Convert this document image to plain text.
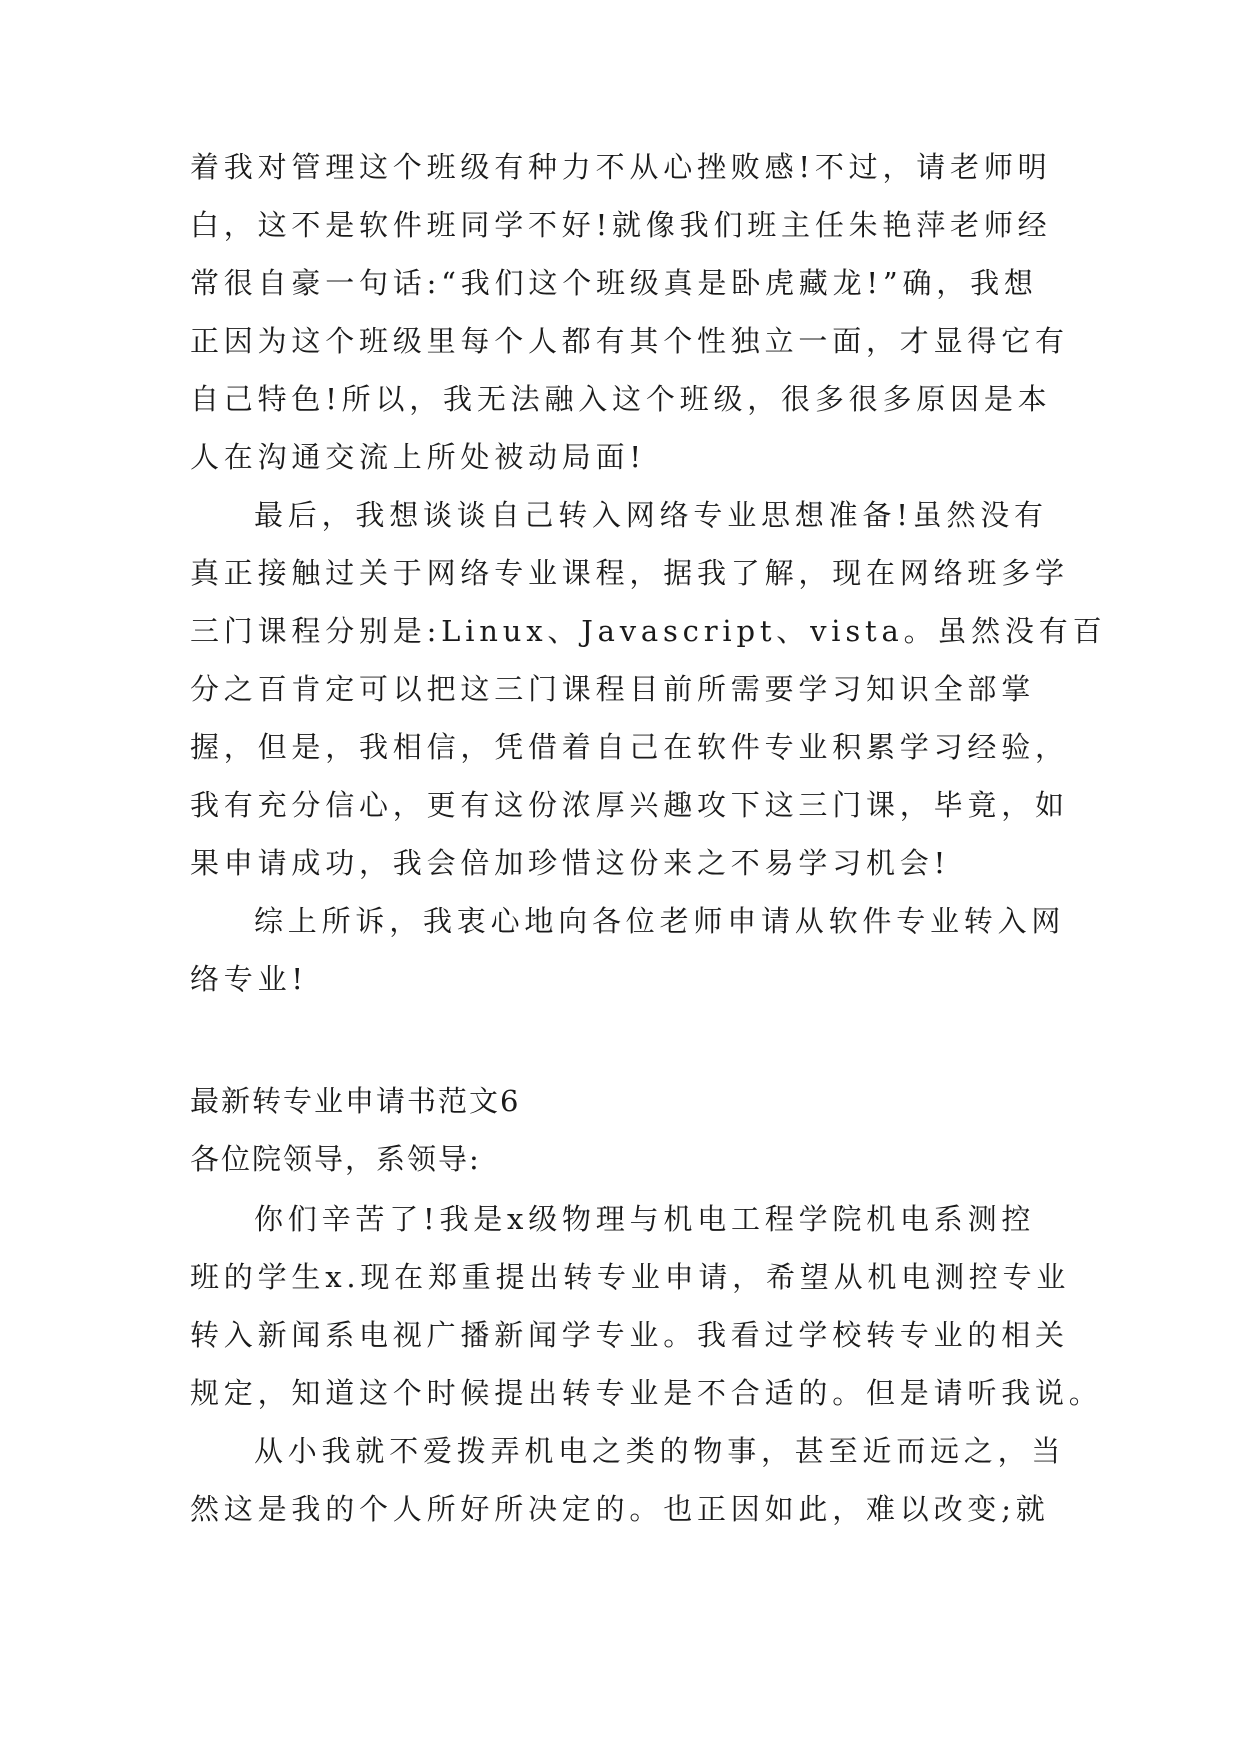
着我对管理这个班级有种力不从心挫败感!不过，请老师明
白，这不是软件班同学不好!就像我们班主任朱艳萍老师经
常很自豪一句话:“我们这个班级真是卧虎藏龙!”确，我想
正因为这个班级里每个人都有其个性独立一面，才显得它有
自己特色!所以，我无法融入这个班级，很多很多原因是本
人在沟通交流上所处被动局面!
最后，我想谈谈自己转入网络专业思想准备!虽然没有
真正接触过关于网络专业课程，据我了解，现在网络班多学
三门课程分别是:Linux、Javascript、vista。虽然没有百
分之百肯定可以把这三门课程目前所需要学习知识全部掌
握，但是，我相信，凭借着自己在软件专业积累学习经验，
我有充分信心，更有这份浓厚兴趣攻下这三门课，毕竟，如
果申请成功，我会倍加珍惜这份来之不易学习机会!
综上所诉，我衷心地向各位老师申请从软件专业转入网
络专业!
最新转专业申请书范文6
各位院领导，系领导:
你们辛苦了!我是x级物理与机电工程学院机电系测控
班的学生x.现在郑重提出转专业申请，希望从机电测控专业
转入新闻系电视广播新闻学专业。我看过学校转专业的相关
规定，知道这个时候提出转专业是不合适的。但是请听我说。
从小我就不爱拨弄机电之类的物事，甚至近而远之，当
然这是我的个人所好所决定的。也正因如此，难以改变;就
